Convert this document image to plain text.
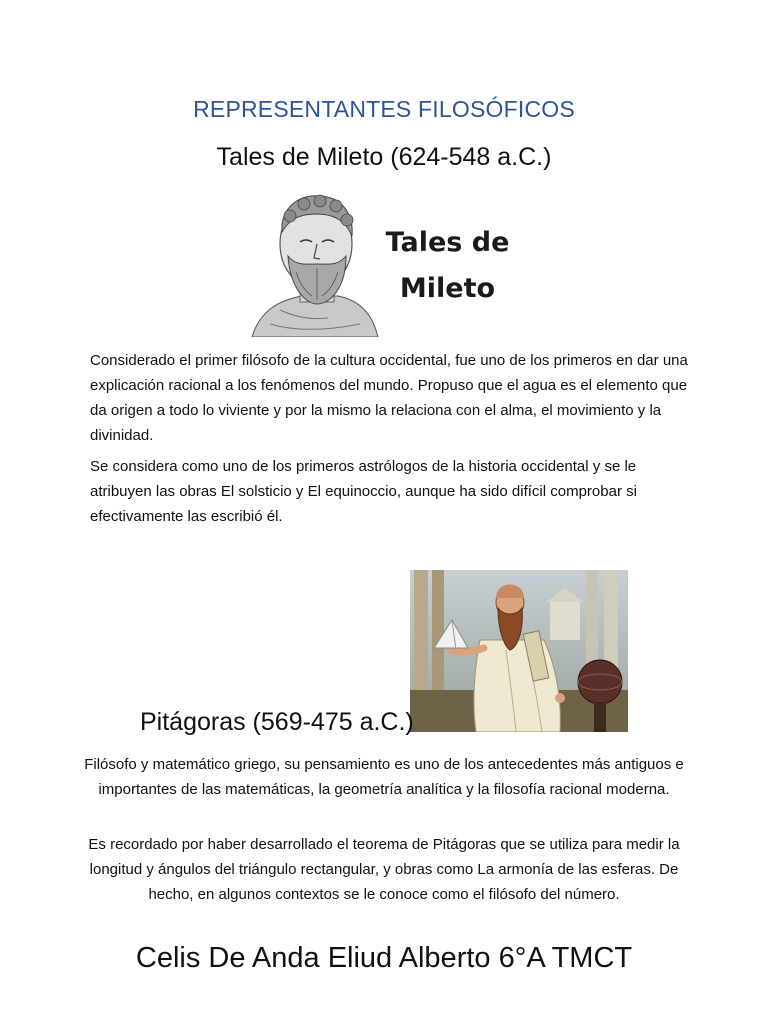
REPRESENTANTES FILOSÓFICOS
Tales de Mileto (624-548 a.C.)
Tales de
Mileto

Considerado el primer filósofo de la cultura occidental, fue uno de los primeros en dar una explicación racional a los fenómenos del mundo. Propuso que el agua es el elemento que da origen a todo lo viviente y por la mismo la relaciona con el alma, el movimiento y la divinidad.

Se considera como uno de los primeros astrólogos de la historia occidental y se le atribuyen las obras El solsticio y El equinoccio, aunque ha sido difícil comprobar si efectivamente las escribió él.

Pitágoras (569-475 a.C.)

Filósofo y matemático griego, su pensamiento es uno de los antecedentes más antiguos e importantes de las matemáticas, la geometría analítica y la filosofía racional moderna.

Es recordado por haber desarrollado el teorema de Pitágoras que se utiliza para medir la longitud y ángulos del triángulo rectangular, y obras como La armonía de las esferas. De hecho, en algunos contextos se le conoce como el filósofo del número.

Celis De Anda Eliud Alberto 6°A TMCT
